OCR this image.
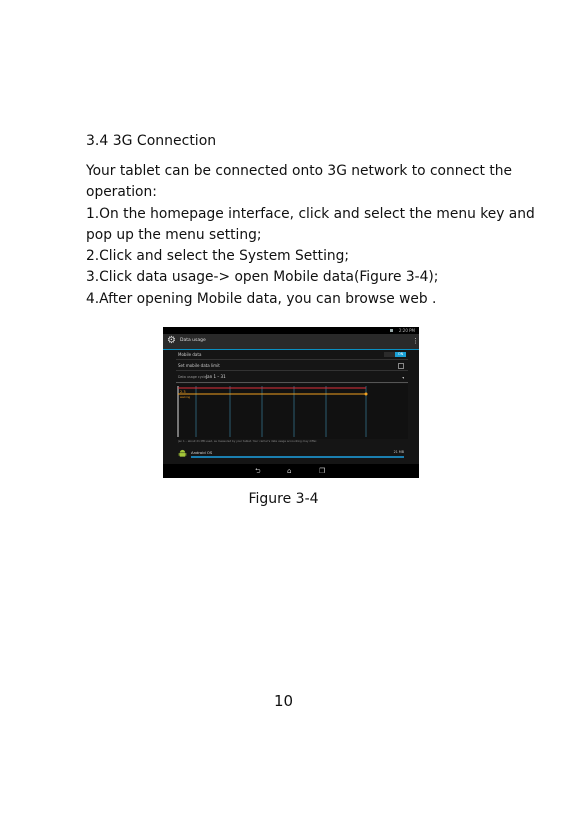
3.4 3G Connection

Your tablet can be connected onto 3G network to connect the

operation:

1.On the homepage interface, click and select the menu key and

pop up the menu setting;

2.Click and select the System Setting;

3.Click data usage-> open Mobile data(Figure 3-4);

4.After opening Mobile data, you can browse web .

2:20 PM
⚙ Data usage	⋮
Mobile data	ON
Set mobile data limit
Data usage cycle Jan 1 – 31
2.3
warning
Jan 1 – about 21 MB used, as measured by your tablet. Your carrier's data usage accounting may differ.
Android OS	21 MB
⮌	⌂	❐
Figure 3-4
10
